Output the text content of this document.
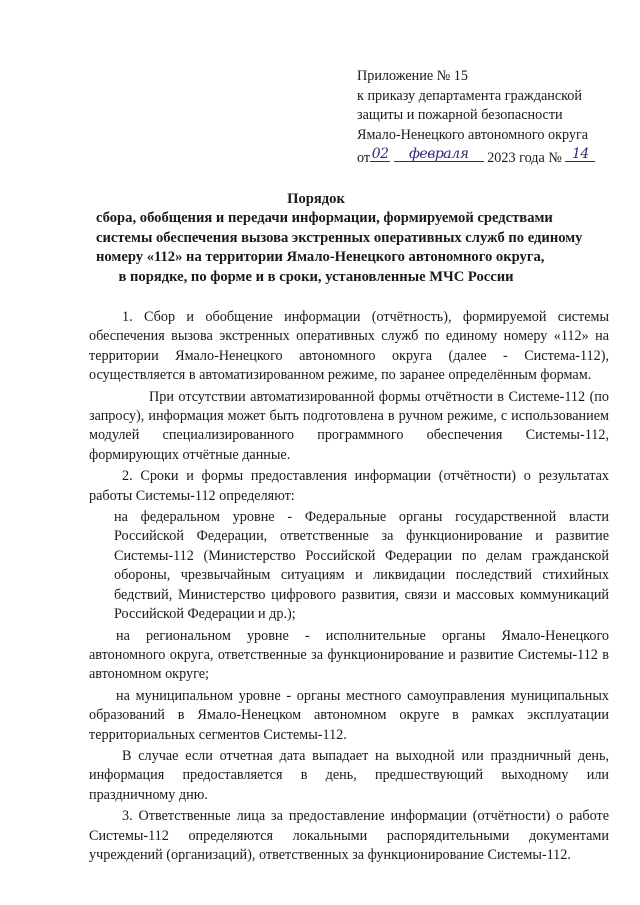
Приложение № 15
к приказу департамента гражданской
защиты и пожарной безопасности
Ямало-Ненецкого автономного округа
от 02
	февраля	2023 года № 14
Порядок
сбора, обобщения и передачи информации, формируемой средствами
системы обеспечения вызова экстренных оперативных служб по единому
номеру «112» на территории Ямало-Ненецкого автономного округа,
в порядке, по форме и в сроки, установленные МЧС России
1. Сбор и обобщение информации (отчётность), формируемой системы обеспечения вызова экстренных оперативных служб по единому номеру «112» на территории Ямало-Ненецкого автономного округа (далее - Система-112), осуществляется в автоматизированном режиме, по заранее определённым формам.
При отсутствии автоматизированной формы отчётности в Системе-112 (по запросу), информация может быть подготовлена в ручном режиме, с использованием модулей специализированного программного обеспечения Системы-112, формирующих отчётные данные.
2. Сроки и формы предоставления информации (отчётности) о результатах работы Системы-112 определяют:
на федеральном уровне - Федеральные органы государственной власти Российской Федерации, ответственные за функционирование и развитие Системы-112 (Министерство Российской Федерации по делам гражданской обороны, чрезвычайным ситуациям и ликвидации последствий стихийных бедствий, Министерство цифрового развития, связи и массовых коммуникаций Российской Федерации и др.);
на региональном уровне - исполнительные органы Ямало-Ненецкого автономного округа, ответственные за функционирование и развитие Системы-112 в автономном округе;
на муниципальном уровне - органы местного самоуправления муниципальных образований в Ямало-Ненецком автономном округе в рамках эксплуатации территориальных сегментов Системы-112.
В случае если отчетная дата выпадает на выходной или праздничный день, информация предоставляется в день, предшествующий выходному или праздничному дню.
3. Ответственные лица за предоставление информации (отчётности) о работе Системы-112 определяются локальными распорядительными документами учреждений (организаций), ответственных за функционирование Системы-112.
